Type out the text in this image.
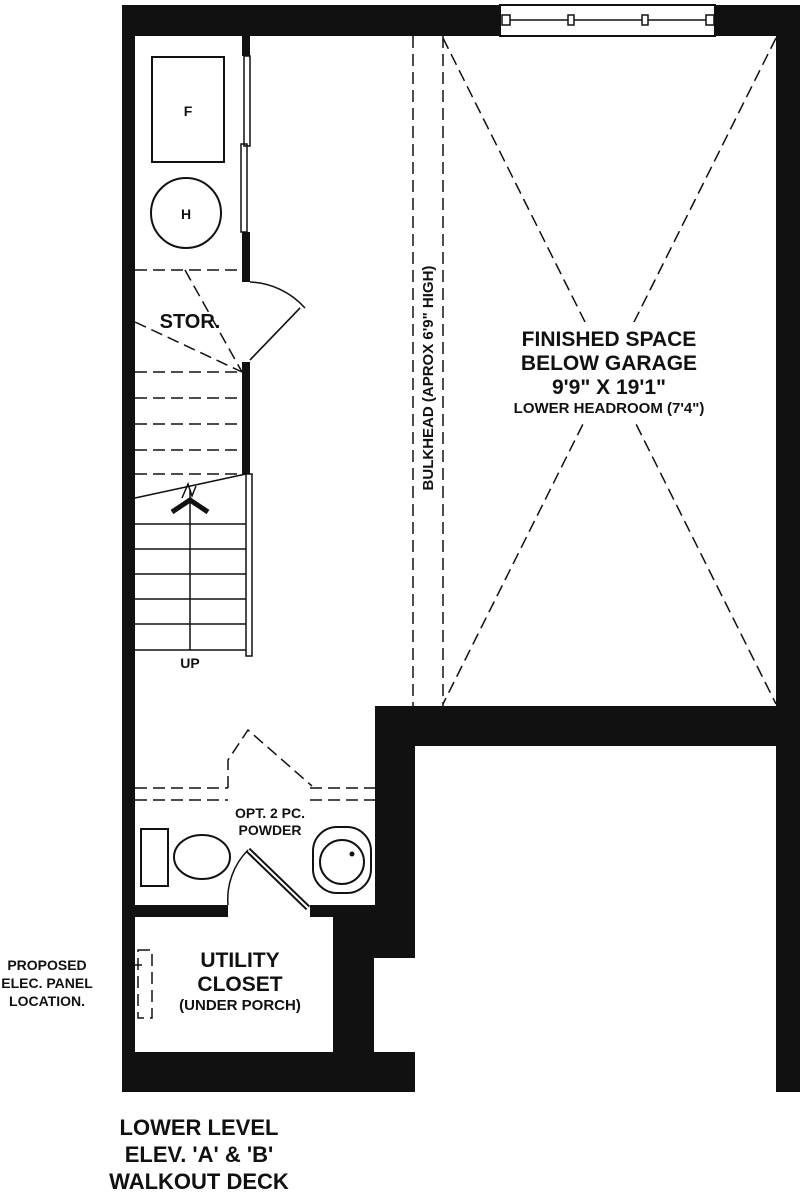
F
H
STOR.
UP
BULKHEAD (APROX 6'9" HIGH)	FINISHED SPACE
BELOW GARAGE
9'9" X 19'1"
LOWER HEADROOM (7'4")
OPT. 2 PC.
POWDER
UTILITY
CLOSET
(UNDER PORCH)
PROPOSED
ELEC. PANEL
LOCATION.
LOWER LEVEL
ELEV. 'A' & 'B'
WALKOUT DECK
